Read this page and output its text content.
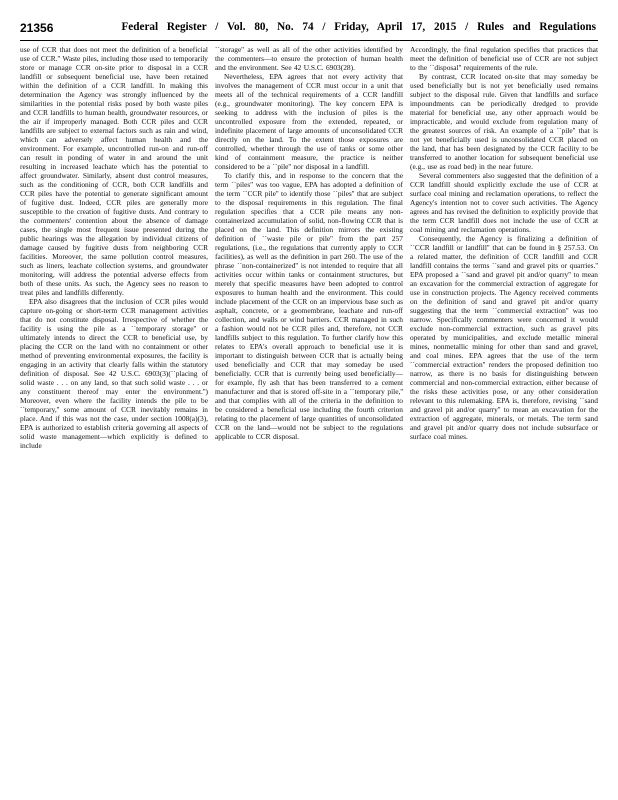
21356	Federal Register / Vol. 80, No. 74 / Friday, April 17, 2015 / Rules and Regulations

use of CCR that does not meet the definition of a beneficial use of CCR.'' Waste piles, including those used to temporarily store or manage CCR on-site prior to disposal in a CCR landfill or subsequent beneficial use, have been retained within the definition of a CCR landfill. In making this determination the Agency was strongly influenced by the similarities in the potential risks posed by both waste piles and CCR landfills to human health, groundwater resources, or the air if improperly managed. Both CCR piles and CCR landfills are subject to external factors such as rain and wind, which can adversely affect human health and the environment. For example, uncontrolled run-on and run-off can result in ponding of water in and around the unit resulting in increased leachate which has the potential to affect groundwater. Similarly, absent dust control measures, such as the conditioning of CCR, both CCR landfills and CCR piles have the potential to generate significant amount of fugitive dust. Indeed, CCR piles are generally more susceptible to the creation of fugitive dusts. And contrary to the commenters' contention about the absence of damage cases, the single most frequent issue presented during the public hearings was the allegation by individual citizens of damage caused by fugitive dusts from neighboring CCR facilities. Moreover, the same pollution control measures, such as liners, leachate collection systems, and groundwater monitoring, will address the potential adverse effects from both of these units. As such, the Agency sees no reason to treat piles and landfills differently.

EPA also disagrees that the inclusion of CCR piles would capture on-going or short-term CCR management activities that do not constitute disposal. Irrespective of whether the facility is using the pile as a ``temporary storage'' or ultimately intends to direct the CCR to beneficial use, by placing the CCR on the land with no containment or other method of preventing environmental exposures, the facility is engaging in an activity that clearly falls within the statutory definition of disposal. See 42 U.S.C. 6903(3)(``placing of solid waste . . . on any land, so that such solid waste . . . or any constituent thereof may enter the environment.'') Moreover, even where the facility intends the pile to be ``temporary,'' some amount of CCR inevitably remains in place. And if this was not the case, under section 1008(a)(3), EPA is authorized to establish criteria governing all aspects of solid waste management—which explicitly is defined to include

``storage'' as well as all of the other activities identified by the commenters—to ensure the protection of human health and the environment. See 42 U.S.C. 6903(28).

Nevertheless, EPA agrees that not every activity that involves the management of CCR must occur in a unit that meets all of the technical requirements of a CCR landfill (e.g., groundwater monitoring). The key concern EPA is seeking to address with the inclusion of piles is the uncontrolled exposure from the extended, repeated, or indefinite placement of large amounts of unconsolidated CCR directly on the land. To the extent those exposures are controlled, whether through the use of tanks or some other kind of containment measure, the practice is neither considered to be a ``pile'' nor disposal in a landfill.

To clarify this, and in response to the concern that the term ``piles'' was too vague, EPA has adopted a definition of the term ``CCR pile'' to identify those ``piles'' that are subject to the disposal requirements in this regulation. The final regulation specifies that a CCR pile means any non-containerized accumulation of solid, non-flowing CCR that is placed on the land. This definition mirrors the existing definition of ``waste pile or pile'' from the part 257 regulations, (i.e., the regulations that currently apply to CCR facilities), as well as the definition in part 260. The use of the phrase ``non-containerized'' is not intended to require that all activities occur within tanks or containment structures, but merely that specific measures have been adopted to control exposures to human health and the environment. This could include placement of the CCR on an impervious base such as asphalt, concrete, or a geomembrane, leachate and run-off collection, and walls or wind barriers. CCR managed in such a fashion would not be CCR piles and, therefore, not CCR landfills subject to this regulation. To further clarify how this relates to EPA's overall approach to beneficial use it is important to distinguish between CCR that is actually being used beneficially and CCR that may someday be used beneficially. CCR that is currently being used beneficially—for example, fly ash that has been transferred to a cement manufacturer and that is stored off-site in a ``temporary pile,'' and that complies with all of the criteria in the definition to be considered a beneficial use including the fourth criterion relating to the placement of large quantities of unconsolidated CCR on the land—would not be subject to the regulations applicable to CCR disposal.

Accordingly, the final regulation specifies that practices that meet the definition of beneficial use of CCR are not subject to the ``disposal'' requirements of the rule.

By contrast, CCR located on-site that may someday be used beneficially but is not yet beneficially used remains subject to the disposal rule. Given that landfills and surface impoundments can be periodically dredged to provide material for beneficial use, any other approach would be impracticable, and would exclude from regulation many of the greatest sources of risk. An example of a ``pile'' that is not yet beneficially used is unconsolidated CCR placed on the land, that has been designated by the CCR facility to be transferred to another location for subsequent beneficial use (e.g., use as road bed) in the near future.

Several commenters also suggested that the definition of a CCR landfill should explicitly exclude the use of CCR at surface coal mining and reclamation operations, to reflect the Agency's intention not to cover such activities. The Agency agrees and has revised the definition to explicitly provide that the term CCR landfill does not include the use of CCR at coal mining and reclamation operations.

Consequently, the Agency is finalizing a definition of ``CCR landfill or landfill'' that can be found in § 257.53. On a related matter, the definition of CCR landfill and CCR landfill contains the terms ``sand and gravel pits or quarries.'' EPA proposed a ``sand and gravel pit and/or quarry'' to mean an excavation for the commercial extraction of aggregate for use in construction projects. The Agency received comments on the definition of sand and gravel pit and/or quarry suggesting that the term ``commercial extraction'' was too narrow. Specifically commenters were concerned it would exclude non-commercial extraction, such as gravel pits operated by municipalities, and exclude metallic mineral mines, nonmetallic mining for other than sand and gravel, and coal mines. EPA agrees that the use of the term ``commercial extraction'' renders the proposed definition too narrow, as there is no basis for distinguishing between commercial and non-commercial extraction, either because of the risks these activities pose, or any other consideration relevant to this rulemaking. EPA is, therefore, revising ``sand and gravel pit and/or quarry'' to mean an excavation for the extraction of aggregate, minerals, or metals. The term sand and gravel pit and/or quarry does not include subsurface or surface coal mines.
